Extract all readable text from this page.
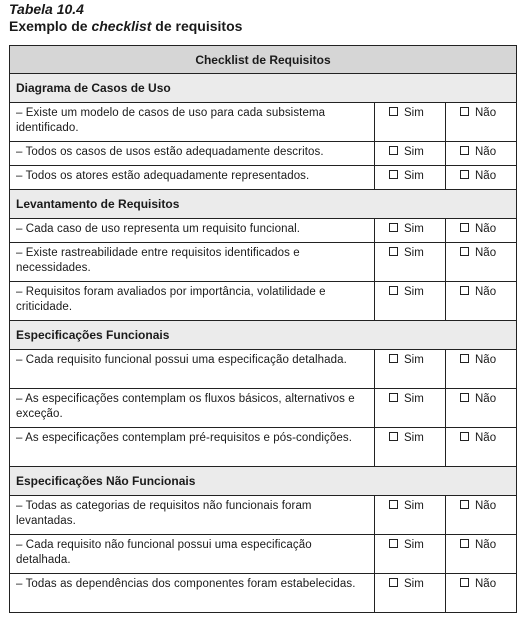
Tabela 10.4
Exemplo de checklist de requisitos
Checklist de Requisitos		
Diagrama de Casos de Uso		
– Existe um modelo de casos de uso para cada subsistema identificado.	Sim	Não
– Todos os casos de usos estão adequadamente descritos.	Sim	Não
– Todos os atores estão adequadamente representados.	Sim	Não
Levantamento de Requisitos		
– Cada caso de uso representa um requisito funcional.	Sim	Não
– Existe rastreabilidade entre requisitos identificados e necessidades.	Sim	Não
– Requisitos foram avaliados por importância, volatilidade e criticidade.	Sim	Não
Especificações Funcionais		
– Cada requisito funcional possui uma especificação detalhada.	Sim	Não
– As especificações contemplam os fluxos básicos, alternativos e exceção.	Sim	Não
– As especificações contemplam pré-requisitos e pós-condições.	Sim	Não
Especificações Não Funcionais		
– Todas as categorias de requisitos não funcionais foram levantadas.	Sim	Não
– Cada requisito não funcional possui uma especificação detalhada.	Sim	Não
– Todas as dependências dos componentes foram estabelecidas.	Sim	Não
